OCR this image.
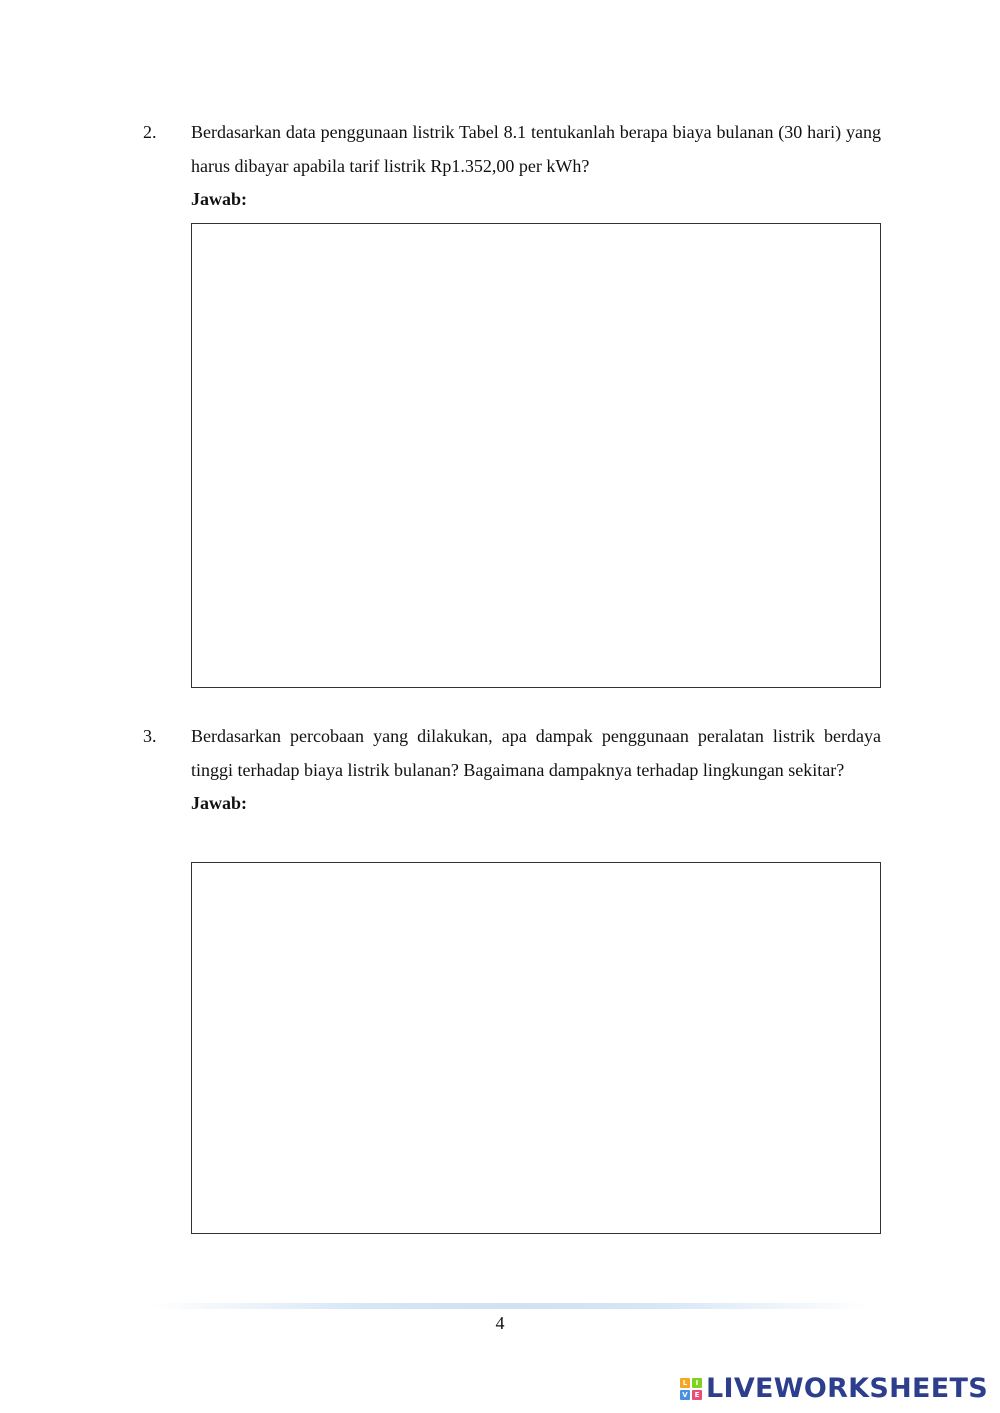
2. Berdasarkan data penggunaan listrik Tabel 8.1 tentukanlah berapa biaya bulanan (30 hari) yang harus dibayar apabila tarif listrik Rp1.352,00 per kWh?
Jawab:
3. Berdasarkan percobaan yang dilakukan, apa dampak penggunaan peralatan listrik berdaya tinggi terhadap biaya listrik bulanan? Bagaimana dampaknya terhadap lingkungan sekitar?
Jawab:
4
L	I
V E LIVEWORKSHEETS
